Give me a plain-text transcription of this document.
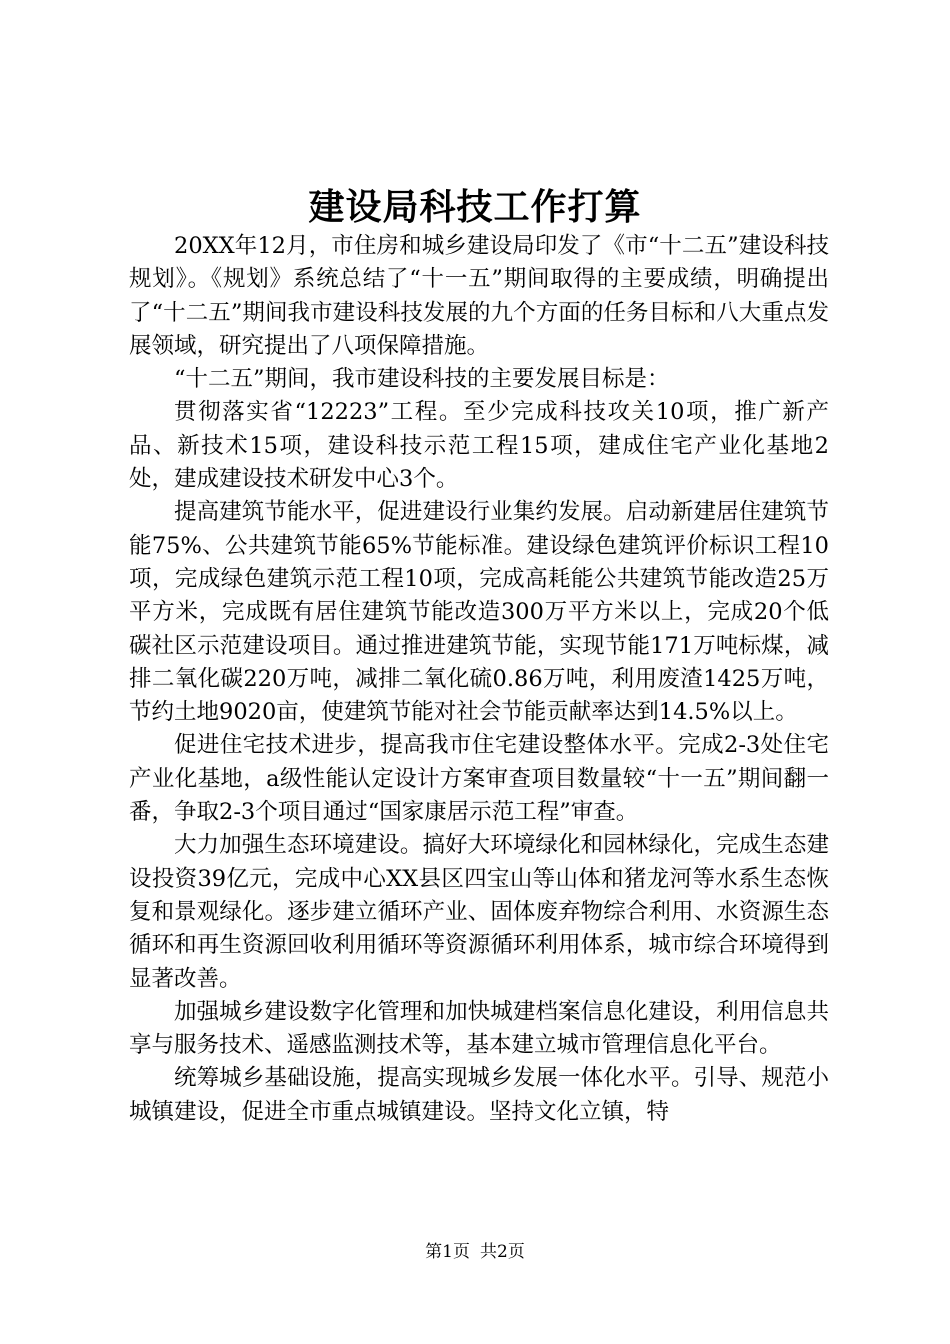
建设局科技工作打算

20XX年12月，市住房和城乡建设局印发了《市“十二五”建设科技规划》。《规划》系统总结了“十一五”期间取得的主要成绩，明确提出了“十二五”期间我市建设科技发展的九个方面的任务目标和八大重点发展领域，研究提出了八项保障措施。

“十二五”期间，我市建设科技的主要发展目标是：

贯彻落实省“12223”工程。至少完成科技攻关10项，推广新产品、新技术15项，建设科技示范工程15项，建成住宅产业化基地2处，建成建设技术研发中心3个。

提高建筑节能水平，促进建设行业集约发展。启动新建居住建筑节能75%、公共建筑节能65%节能标准。建设绿色建筑评价标识工程10项，完成绿色建筑示范工程10项，完成高耗能公共建筑节能改造25万平方米，完成既有居住建筑节能改造300万平方米以上，完成20个低碳社区示范建设项目。通过推进建筑节能，实现节能171万吨标煤，减排二氧化碳220万吨，减排二氧化硫0.86万吨，利用废渣1425万吨，节约土地9020亩，使建筑节能对社会节能贡献率达到14.5%以上。

促进住宅技术进步，提高我市住宅建设整体水平。完成2-3处住宅产业化基地，a级性能认定设计方案审查项目数量较“十一五”期间翻一番，争取2-3个项目通过“国家康居示范工程”审查。

大力加强生态环境建设。搞好大环境绿化和园林绿化，完成生态建设投资39亿元，完成中心XX县区四宝山等山体和猪龙河等水系生态恢复和景观绿化。逐步建立循环产业、固体废弃物综合利用、水资源生态循环和再生资源回收利用循环等资源循环利用体系，城市综合环境得到显著改善。

加强城乡建设数字化管理和加快城建档案信息化建设，利用信息共享与服务技术、遥感监测技术等，基本建立城市管理信息化平台。

统筹城乡基础设施，提高实现城乡发展一体化水平。引导、规范小城镇建设，促进全市重点城镇建设。坚持文化立镇，特

第1页 共2页
